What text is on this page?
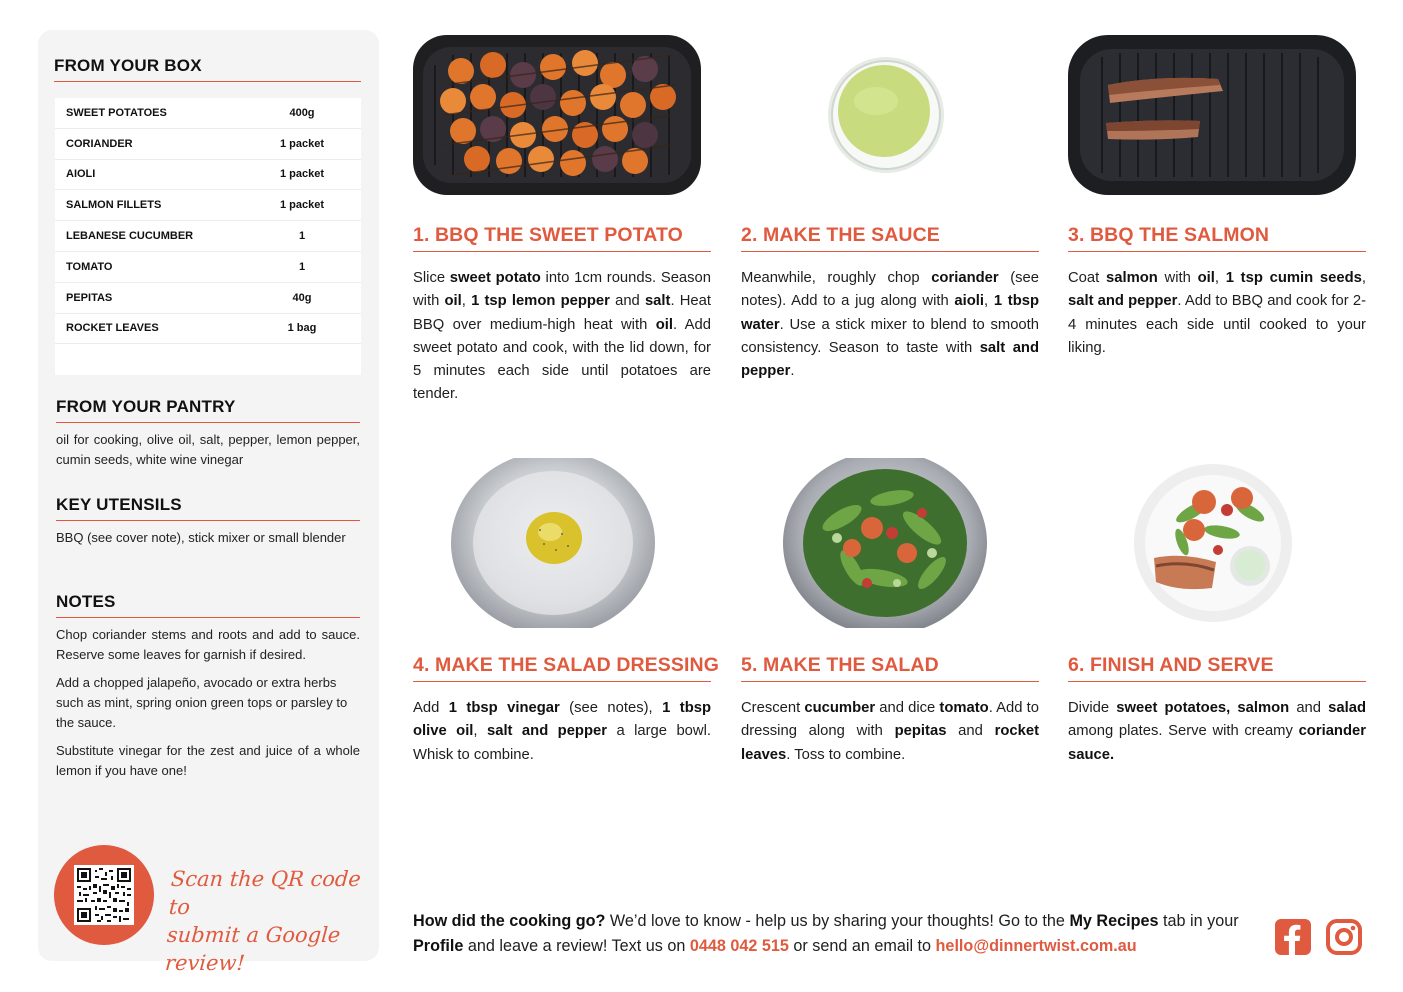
FROM YOUR BOX
SWEET POTATOES	400g
CORIANDER	1 packet
AIOLI	1 packet
SALMON FILLETS	1 packet
LEBANESE CUCUMBER	1
TOMATO	1
PEPITAS	40g
ROCKET LEAVES	1 bag
FROM YOUR PANTRY
oil for cooking, olive oil, salt, pepper, lemon pepper, cumin seeds, white wine vinegar
KEY UTENSILS
BBQ (see cover note), stick mixer or small blender
NOTES

Chop coriander stems and roots and add to sauce. Reserve some leaves for garnish if desired.

Add a chopped jalapeño, avocado or extra herbs such as mint, spring onion green tops or parsley to the sauce.

Substitute vinegar for the zest and juice of a whole lemon if you have one!

Scan the QR code to
submit a Google review!
1. BBQ THE SWEET POTATO	2. MAKE THE SAUCE	3. BBQ THE SALMON
4. MAKE THE SALAD DRESSING 5. MAKE THE SALAD	6. FINISH AND SERVE
Slice sweet potato into 1cm rounds. Season with oil, 1 tsp lemon pepper and salt. Heat BBQ over medium-high heat with oil. Add sweet potato and cook, with the lid down, for 5 minutes each side until potatoes are tender.
Meanwhile, roughly chop coriander (see notes). Add to a jug along with aioli, 1 tbsp water. Use a stick mixer to blend to smooth consistency. Season to taste with salt and pepper.
Coat salmon with oil, 1 tsp cumin seeds, salt and pepper. Add to BBQ and cook for 2-4 minutes each side until cooked to your liking.
Add 1 tbsp vinegar (see notes), 1 tbsp olive oil, salt and pepper a large bowl. Whisk to combine.
Crescent cucumber and dice tomato. Add to dressing along with pepitas and rocket leaves. Toss to combine.
Divide sweet potatoes, salmon and salad among plates. Serve with creamy coriander sauce.
How did the cooking go? We’d love to know - help us by sharing your thoughts! Go to the My Recipes tab in your Profile and leave a review! Text us on 0448 042 515 or send an email to hello@dinnertwist.com.au
